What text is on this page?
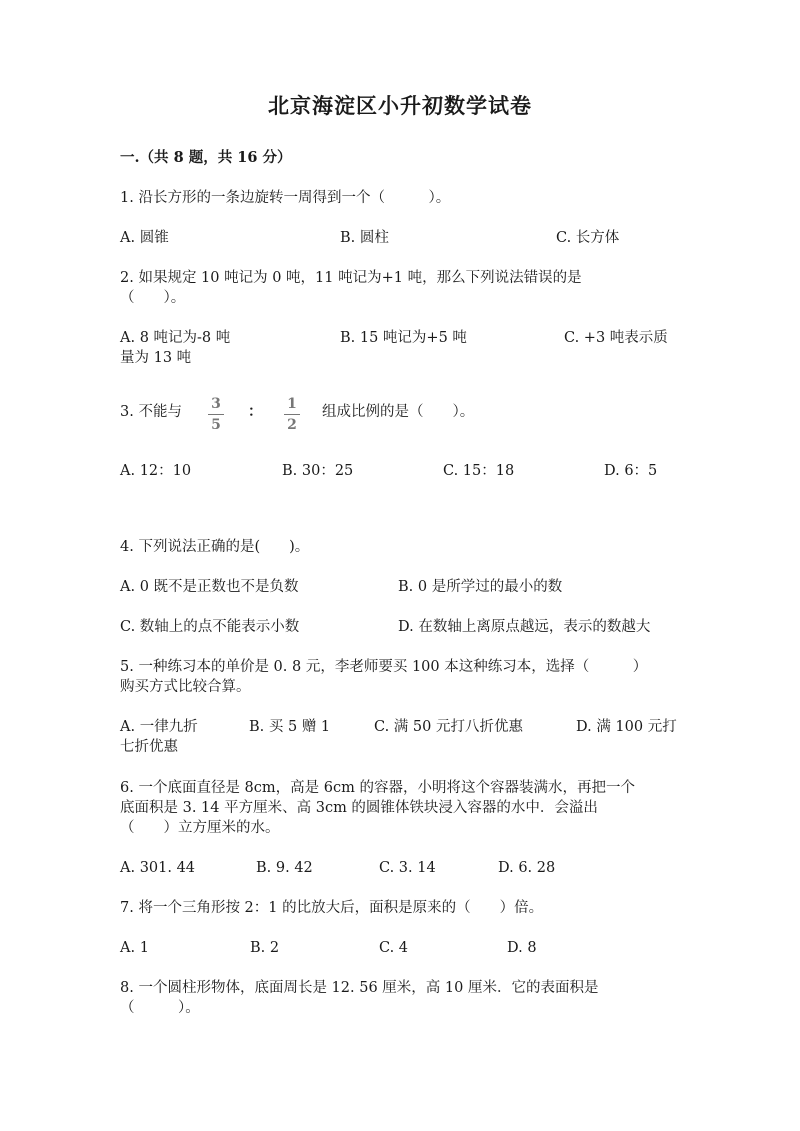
北京海淀区小升初数学试卷
一.（共 8 题，共 16 分）
1. 沿长方形的一条边旋转一周得到一个（　　　）。
A. 圆锥	B. 圆柱	C. 长方体
2. 如果规定 10 吨记为 0 吨，11 吨记为+1 吨，那么下列说法错误的是
（　　）。
A. 8 吨记为-8 吨	B. 15 吨记为+5 吨	C. +3 吨表示质
量为 13 吨
3. 不能与	3
5
：	1
2
组成比例的是（　　）。
A. 12：10	B. 30：25	C. 15：18	D. 6：5
4. 下列说法正确的是(　　)。
A. 0 既不是正数也不是负数	B. 0 是所学过的最小的数
C. 数轴上的点不能表示小数	D. 在数轴上离原点越远，表示的数越大
5. 一种练习本的单价是 0. 8 元，李老师要买 100 本这种练习本，选择（　　　）
购买方式比较合算。
A. 一律九折	B. 买 5 赠 1	C. 满 50 元打八折优惠	D. 满 100 元打
七折优惠
6. 一个底面直径是 8cm，高是 6cm 的容器，小明将这个容器装满水，再把一个
底面积是 3. 14 平方厘米、高 3cm 的圆锥体铁块浸入容器的水中．会溢出
（　　）立方厘米的水。
A. 301. 44	B. 9. 42	C. 3. 14	D. 6. 28
7. 将一个三角形按 2：1 的比放大后，面积是原来的（　　）倍。
A. 1	B. 2	C. 4	D. 8
8. 一个圆柱形物体，底面周长是 12. 56 厘米，高 10 厘米．它的表面积是
（　　　）。
